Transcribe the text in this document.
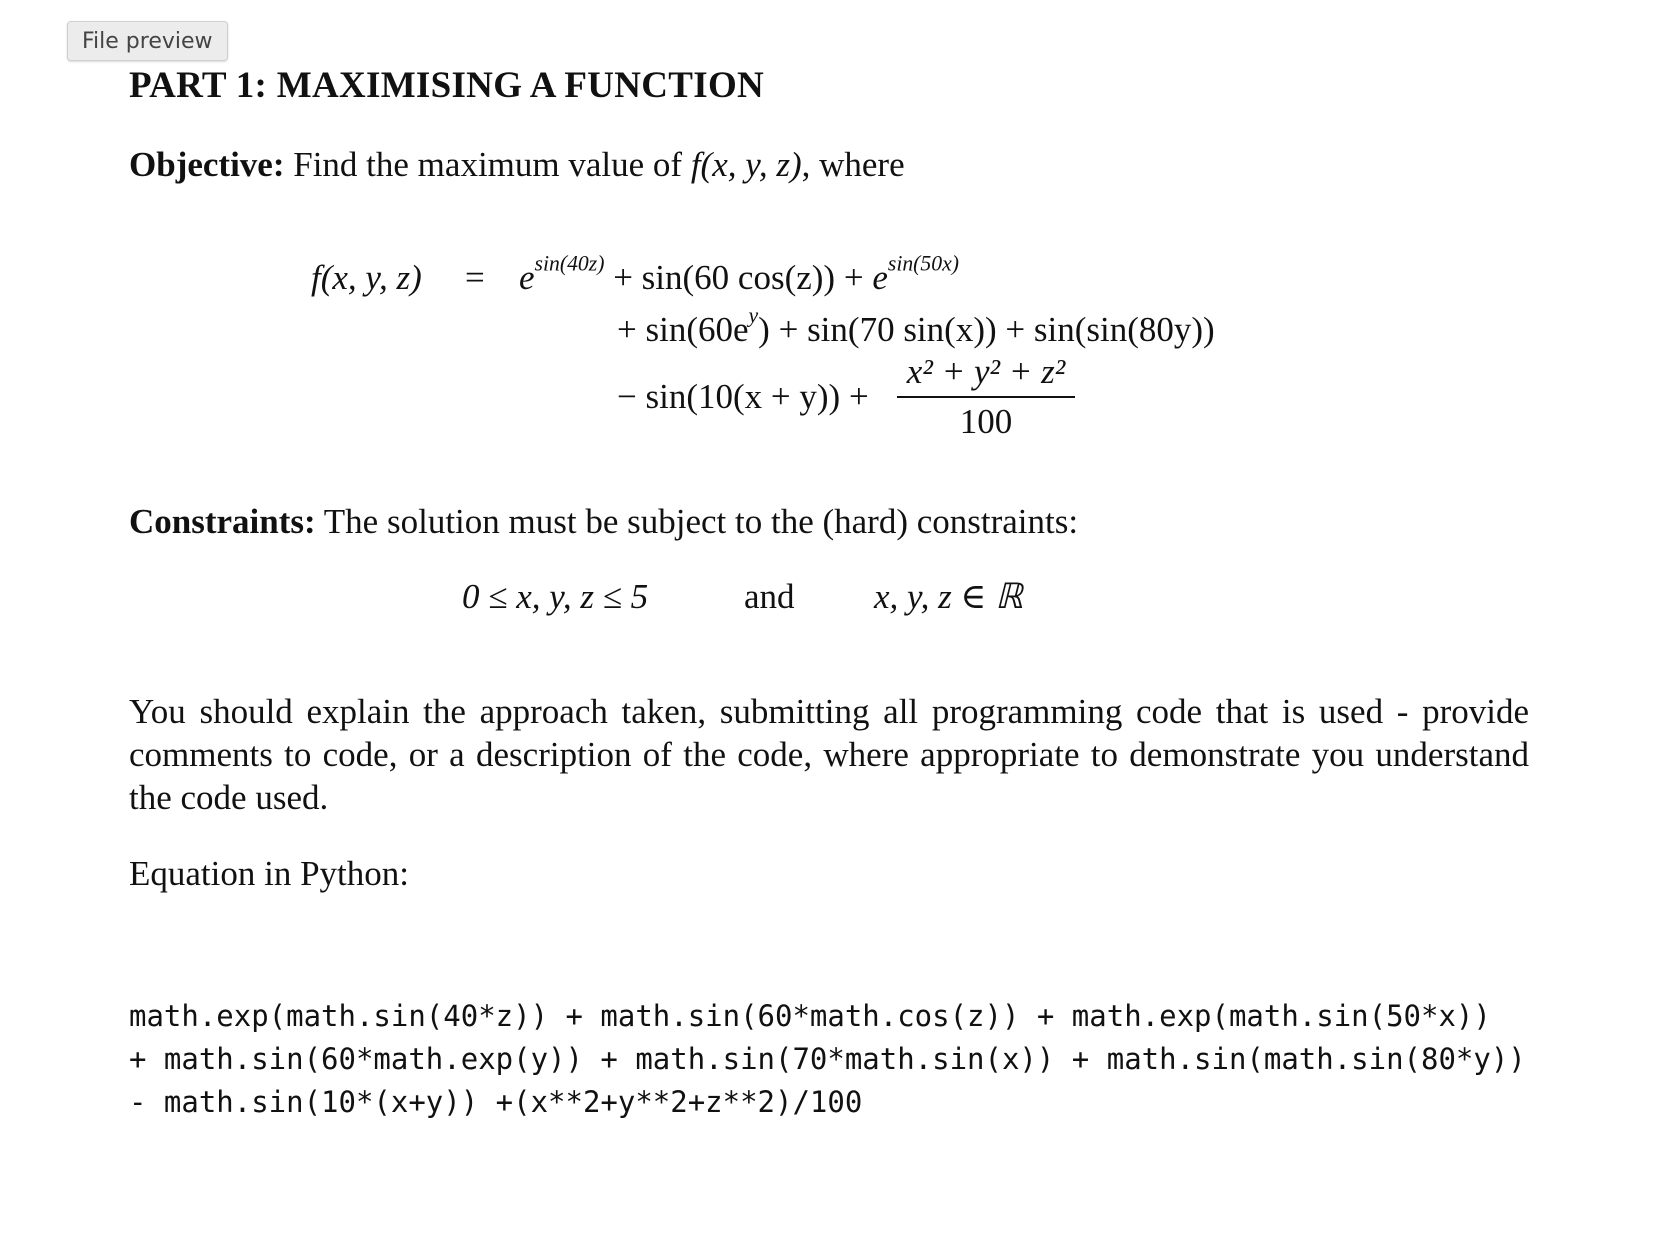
File preview
PART 1: MAXIMISING A FUNCTION
Objective: Find the maximum value of f(x, y, z), where
f(x, y, $z) = e^{sin(40z)} + \sin(60$ $\cos(z)) + e^{sin(50x)}$
+ $\sin(60e^y) + \sin(70$ sin(x)) + sin(sin(80y))
− $\sin(10(x + y)) + \frac{\text{x² + y² + z²}}{100}$
Constraints: The solution must be subject to the (hard) constraints:
0 ≤ x, y, z ≤ 5	and x, y, z ∈ ℝ
You should explain the approach taken, submitting all programming code that is used - provide comments to code, or a description of the code, where appropriate to demonstrate you understand the code used.
Equation in Python:
math.exp(math.sin(40*z)) + math.sin(60*math.cos(z)) + math.exp(math.sin(50*x))
+ math.sin(60*math.exp(y)) + math.sin(70*math.sin(x)) + math.sin(math.sin(80*y))
- math.sin(10*(x+y)) +(x**2+y**2+z**2)/100
